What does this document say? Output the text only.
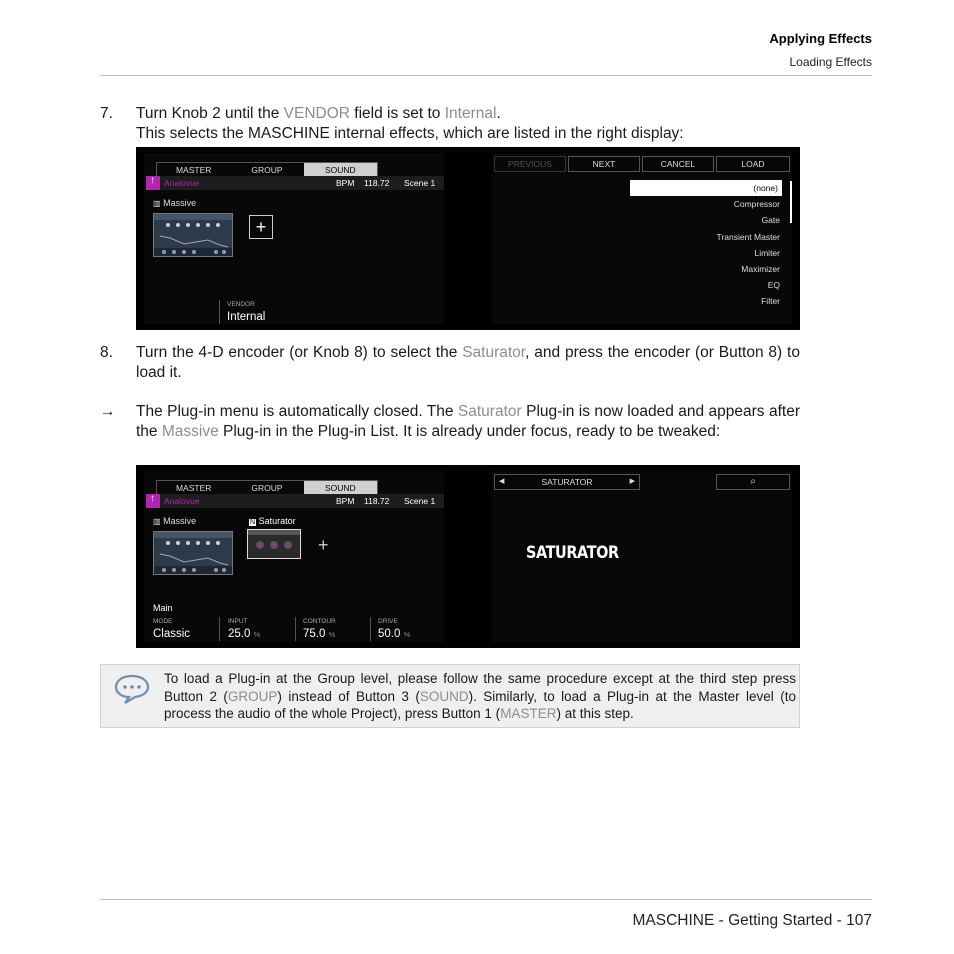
Applying Effects
Loading Effects
7. Turn Knob 2 until the VENDOR field is set to Internal.
This selects the MASCHINE internal effects, which are listed in the right display:
MASTER	GROUP	SOUND
↑ Analovue	BPM 118.72 Scene 1
▥ Massive
+
VENDOR
Internal
PREVIOUS	NEXT	CANCEL	LOAD
(none)
Compressor
Gate
Transient Master
Limiter
Maximizer
EQ
Filter
8. Turn the 4-D encoder (or Knob 8) to select the Saturator, and press the encoder (or Button 8) to load it.
→ The Plug-in menu is automatically closed. The Saturator Plug-in is now loaded and appears after the Massive Plug-in in the Plug-in List. It is already under focus, ready to be tweaked:
MASTER	GROUP	SOUND
↑ Analovue	BPM 118.72 Scene 1
▥ Massive	N Saturator
+
Main
MODE
Classic
INPUT
25.0 %
CONTOUR
75.0 %
DRIVE
50.0 %
◀	SATURATOR	▶	⌕
SATURATOR
To load a Plug-in at the Group level, please follow the same procedure except at the third step press Button 2 (GROUP) instead of Button 3 (SOUND). Similarly, to load a Plug-in at the Master level (to process the audio of the whole Project), press Button 1 (MASTER) at this step.
MASCHINE - Getting Started - 107
